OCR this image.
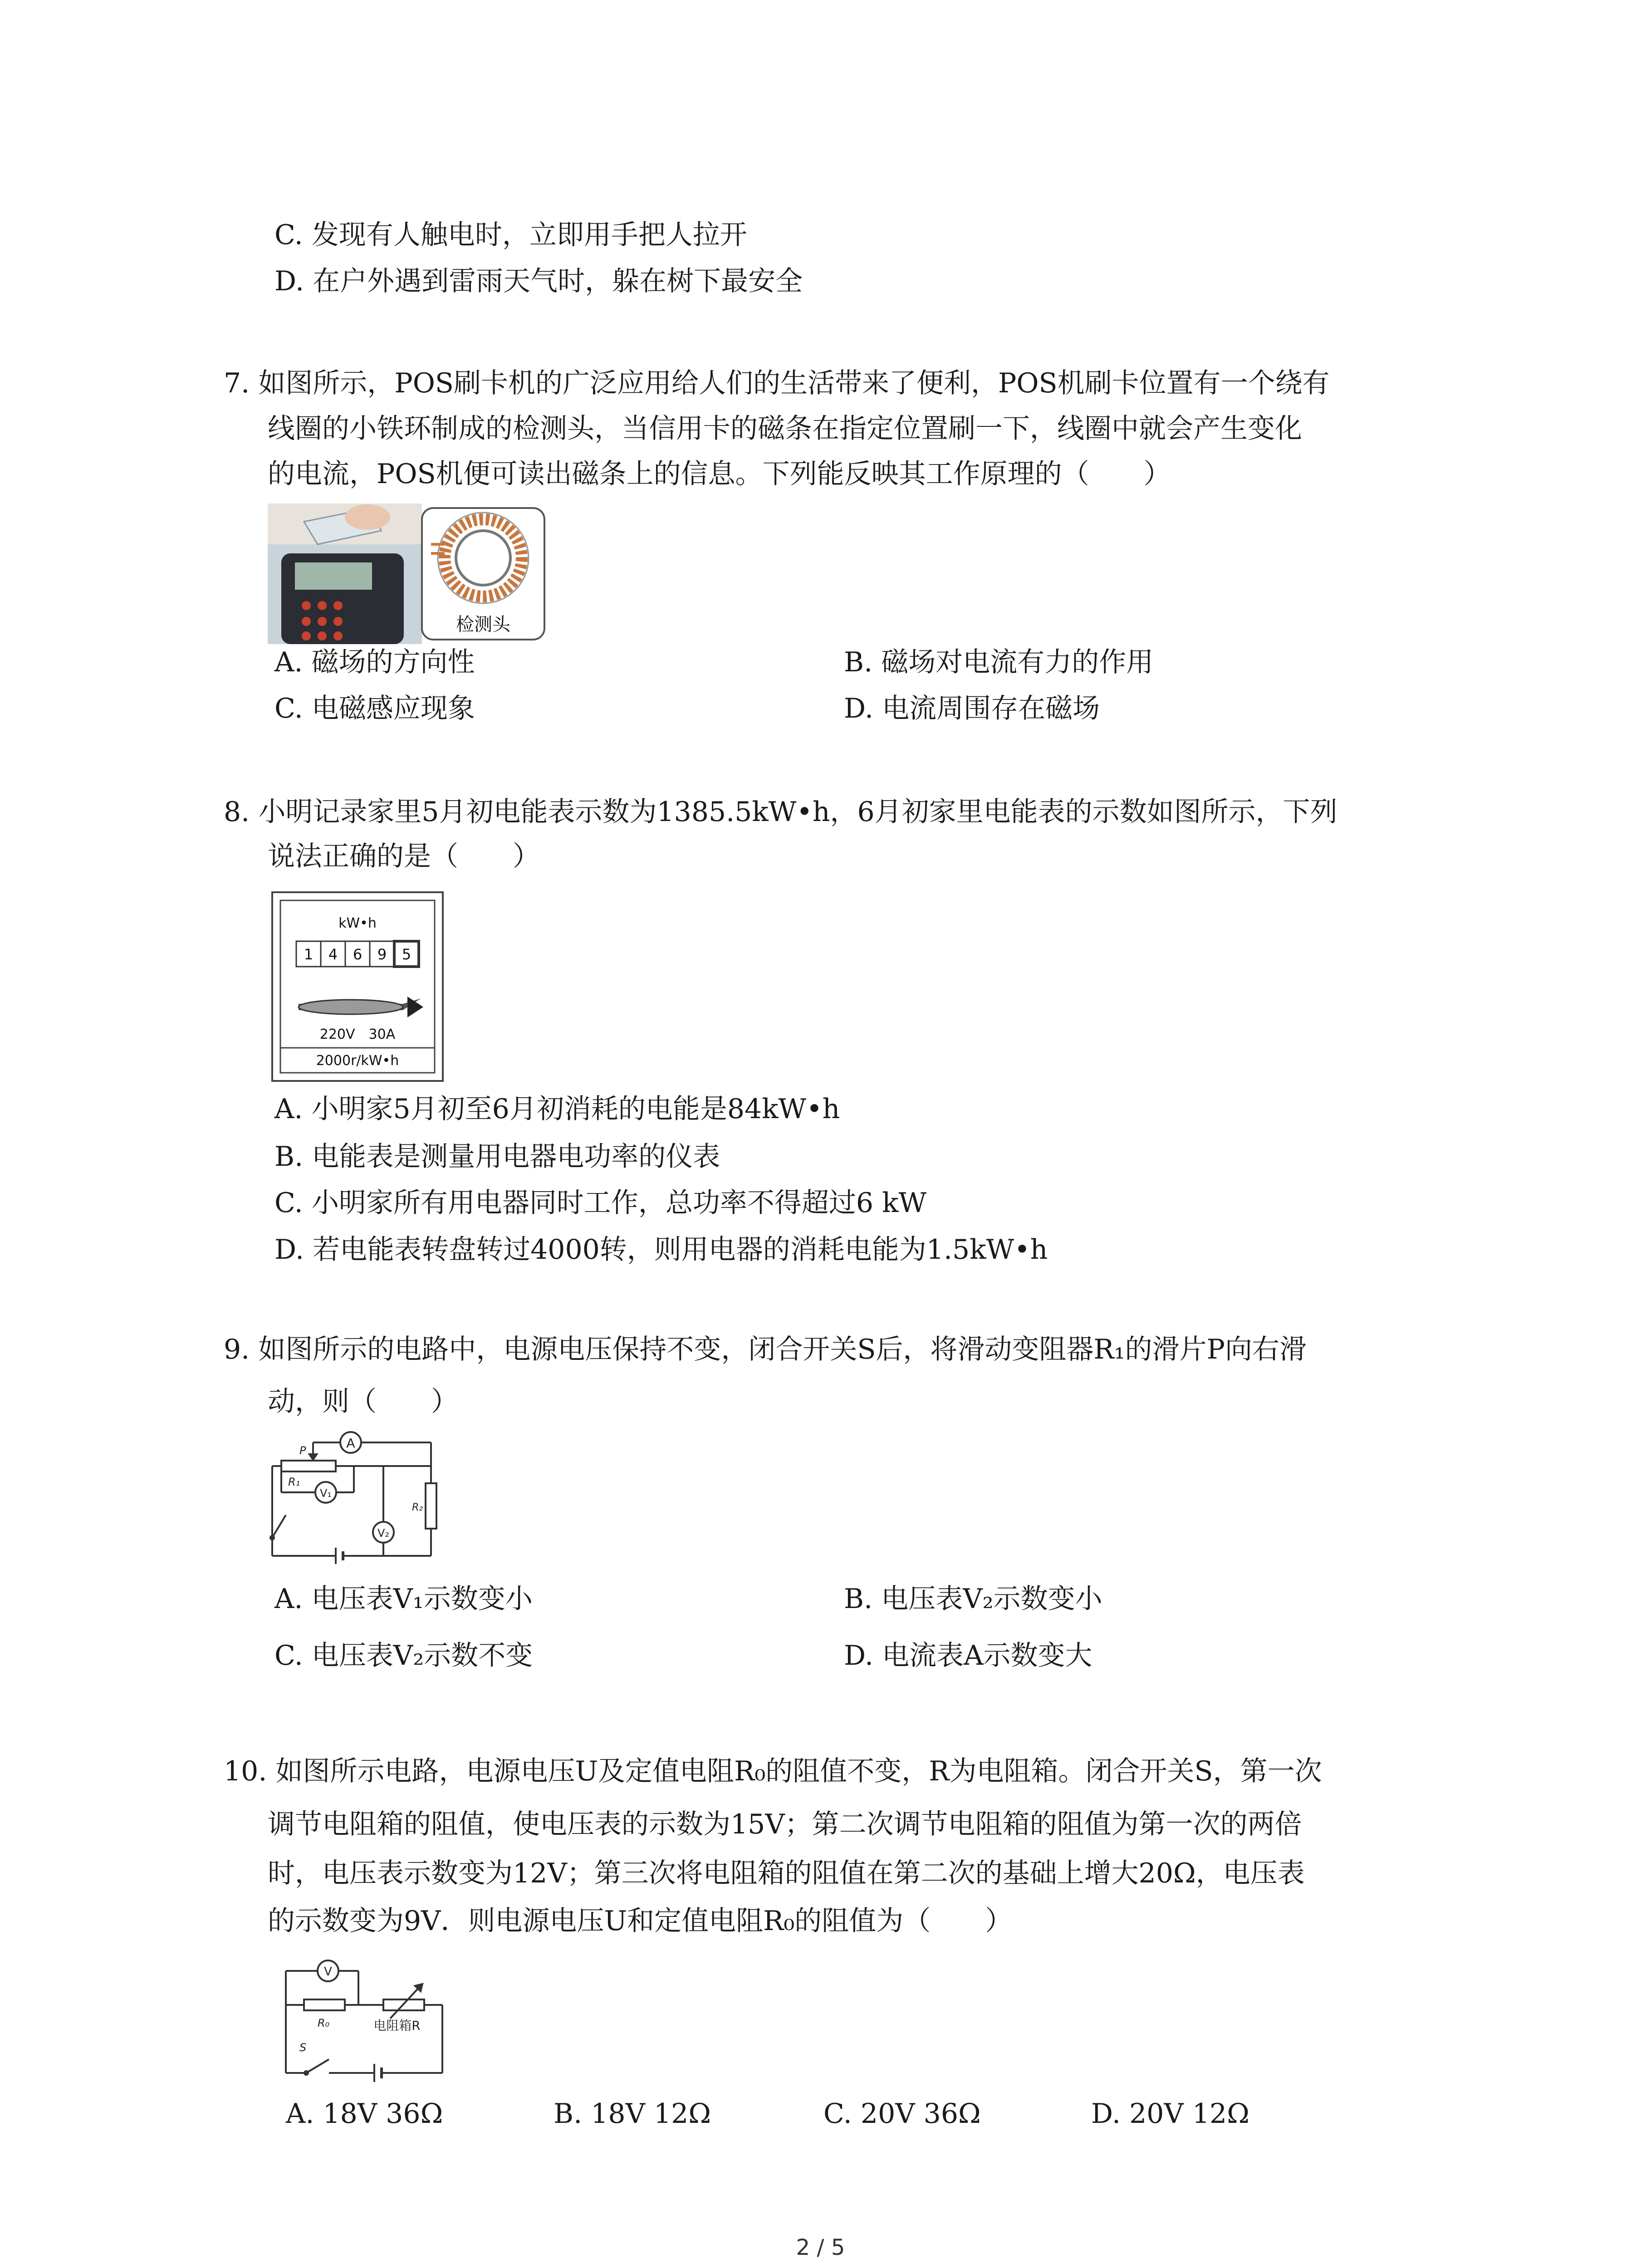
C. 发现有人触电时，立即用手把人拉开
D. 在户外遇到雷雨天气时，躲在树下最安全
7. 如图所示，POS刷卡机的广泛应用给人们的生活带来了便利，POS机刷卡位置有一个绕有
线圈的小铁环制成的检测头，当信用卡的磁条在指定位置刷一下，线圈中就会产生变化
的电流，POS机便可读出磁条上的信息。下列能反映其工作原理的（　　）
检测头
A. 磁场的方向性	B. 磁场对电流有力的作用
C. 电磁感应现象	D. 电流周围存在磁场
8. 小明记录家里5月初电能表示数为1385.5kW•h，6月初家里电能表的示数如图所示，下列
说法正确的是（　　）
kW•h
1 4 6 9 5
220V　30A
2000r/kW•h
A. 小明家5月初至6月初消耗的电能是84kW•h
B. 电能表是测量用电器电功率的仪表
C. 小明家所有用电器同时工作，总功率不得超过6 kW
D. 若电能表转盘转过4000转，则用电器的消耗电能为1.5kW•h
9. 如图所示的电路中，电源电压保持不变，闭合开关S后，将滑动变阻器R₁的滑片P向右滑
动，则（　　）
A
P
R₁
V₁
V₂
R₂
A. 电压表V₁示数变小	B. 电压表V₂示数变小
C. 电压表V₂示数不变	D. 电流表A示数变大
10. 如图所示电路，电源电压U及定值电阻R₀的阻值不变，R为电阻箱。闭合开关S，第一次
调节电阻箱的阻值，使电压表的示数为15V；第二次调节电阻箱的阻值为第一次的两倍
时，电压表示数变为12V；第三次将电阻箱的阻值在第二次的基础上增大20Ω，电压表
的示数变为9V．则电源电压U和定值电阻R₀的阻值为（　　）
V
R₀	电阻箱R
S
A. 18V 36Ω	B. 18V 12Ω	C. 20V 36Ω	D. 20V 12Ω
2 / 5
